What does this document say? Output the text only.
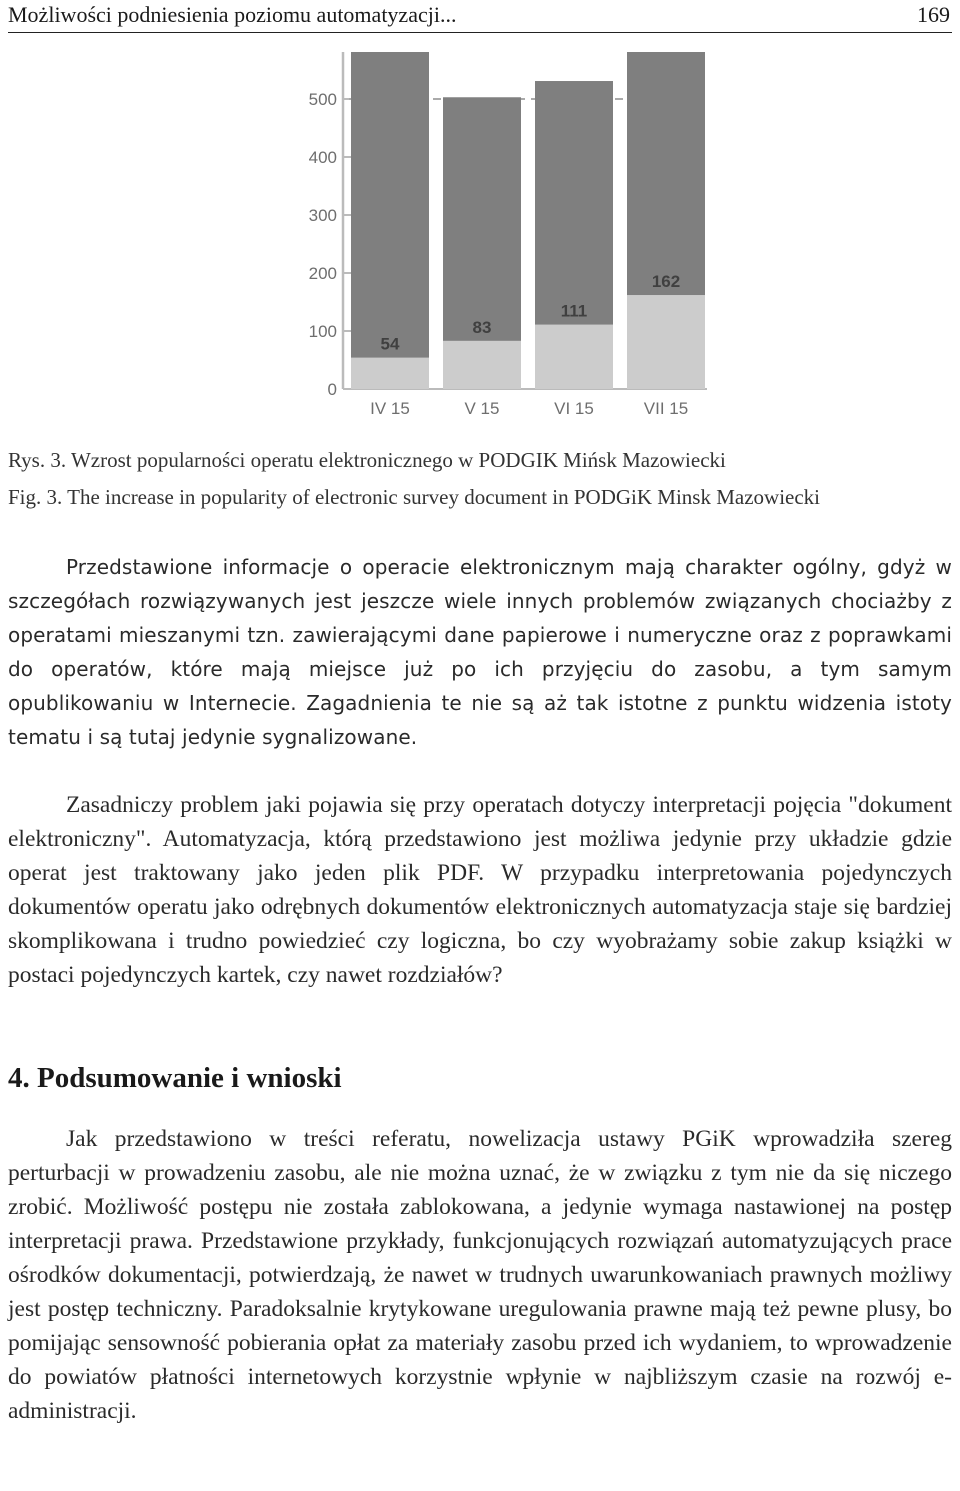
Możliwości podniesienia poziomu automatyzacji...	169
0
100
200
300
400
500
54
IV 15
83
V 15
111
VI 15
162
VII 15
Rys. 3. Wzrost popularności operatu elektronicznego w PODGIK Mińsk Mazowiecki
Fig. 3. The increase in popularity of electronic survey document in PODGiK Minsk Mazowiecki

Przedstawione informacje o operacie elektronicznym mają charakter ogólny, gdyż w szczegółach rozwiązywanych jest jeszcze wiele innych problemów związanych chociażby z operatami mieszanymi tzn. zawierającymi dane papierowe i numeryczne oraz z poprawkami do operatów, które mają miejsce już po ich przyjęciu do zasobu, a tym samym opublikowaniu w Internecie. Zagadnienia te nie są aż tak istotne z punktu widzenia istoty tematu i są tutaj jedynie sygnalizowane.

Zasadniczy problem jaki pojawia się przy operatach dotyczy interpretacji pojęcia "dokument elektroniczny". Automatyzacja, którą przedstawiono jest możliwa jedynie przy układzie gdzie operat jest traktowany jako jeden plik PDF. W przypadku interpretowania pojedynczych dokumentów operatu jako odrębnych dokumentów elektronicznych automatyzacja staje się bardziej skomplikowana i trudno powiedzieć czy logiczna, bo czy wyobrażamy sobie zakup książki w postaci pojedynczych kartek, czy nawet rozdziałów?

4. Podsumowanie i wnioski

Jak przedstawiono w treści referatu, nowelizacja ustawy PGiK wprowadziła szereg perturbacji w prowadzeniu zasobu, ale nie można uznać, że w związku z tym nie da się niczego zrobić. Możliwość postępu nie została zablokowana, a jedynie wymaga nastawionej na postęp interpretacji prawa. Przedstawione przykłady, funkcjonujących rozwiązań automatyzujących prace ośrodków dokumentacji, potwierdzają, że nawet w trudnych uwarunkowaniach prawnych możliwy jest postęp techniczny. Paradoksalnie krytykowane uregulowania prawne mają też pewne plusy, bo pomijając sensowność pobierania opłat za materiały zasobu przed ich wydaniem, to wprowadzenie do powiatów płatności internetowych korzystnie wpłynie w najbliższym czasie na rozwój e-administracji.
